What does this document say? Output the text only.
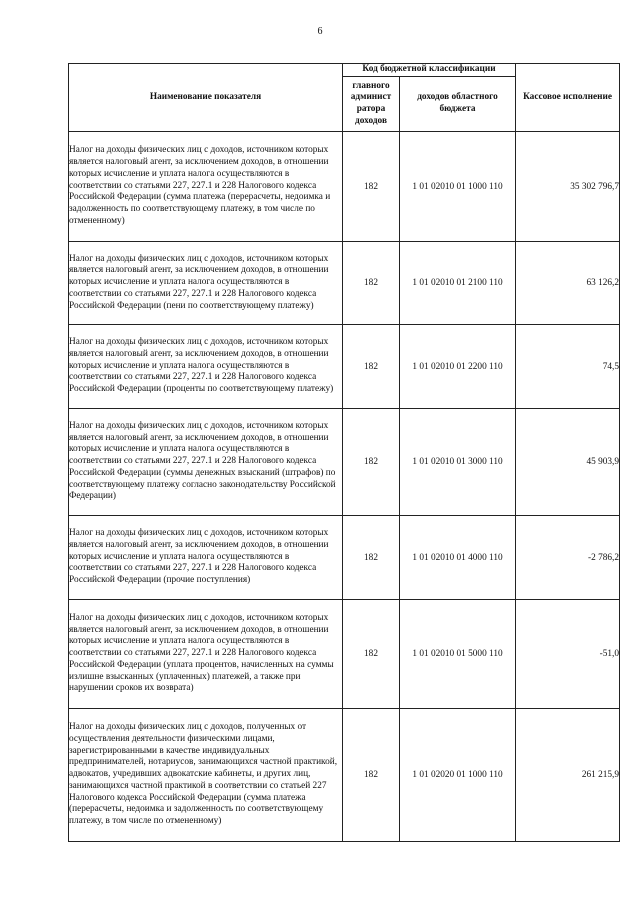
6
Наименование показателя	Код бюджетной классификации		Кассовое исполнение
	главного админист ратора доходов	доходов областного бюджета	
Налог на доходы физических лиц с доходов, источником которых является налоговый агент, за исключением доходов, в отношении которых исчисление и уплата налога осуществляются в соответствии со статьями 227, 227.1 и 228 Налогового кодекса Российской Федерации (сумма платежа (перерасчеты, недоимка и задолженность по соответствующему платежу, в том числе по отмененному)	182	1 01 02010 01 1000 110	35 302 796,7
Налог на доходы физических лиц с доходов, источником которых является налоговый агент, за исключением доходов, в отношении которых исчисление и уплата налога осуществляются в соответствии со статьями 227, 227.1 и 228 Налогового кодекса Российской Федерации (пени по соответствующему платежу)	182	1 01 02010 01 2100 110	63 126,2
Налог на доходы физических лиц с доходов, источником которых является налоговый агент, за исключением доходов, в отношении которых исчисление и уплата налога осуществляются в соответствии со статьями 227, 227.1 и 228 Налогового кодекса Российской Федерации (проценты по соответствующему платежу)	182	1 01 02010 01 2200 110	74,5
Налог на доходы физических лиц с доходов, источником которых является налоговый агент, за исключением доходов, в отношении которых исчисление и уплата налога осуществляются в соответствии со статьями 227, 227.1 и 228 Налогового кодекса Российской Федерации (суммы денежных взысканий (штрафов) по соответствующему платежу согласно законодательству Российской Федерации)	182	1 01 02010 01 3000 110	45 903,9
Налог на доходы физических лиц с доходов, источником которых является налоговый агент, за исключением доходов, в отношении которых исчисление и уплата налога осуществляются в соответствии со статьями 227, 227.1 и 228 Налогового кодекса Российской Федерации (прочие поступления)	182	1 01 02010 01 4000 110	-2 786,2
Налог на доходы физических лиц с доходов, источником которых является налоговый агент, за исключением доходов, в отношении которых исчисление и уплата налога осуществляются в соответствии со статьями 227, 227.1 и 228 Налогового кодекса Российской Федерации (уплата процентов, начисленных на суммы излишне взысканных (уплаченных) платежей, а также при нарушении сроков их возврата)	182	1 01 02010 01 5000 110	-51,0
Налог на доходы физических лиц с доходов, полученных от осуществления деятельности физическими лицами, зарегистрированными в качестве индивидуальных предпринимателей, нотариусов, занимающихся частной практикой, адвокатов, учредивших адвокатские кабинеты, и других лиц, занимающихся частной практикой в соответствии со статьей 227 Налогового кодекса Российской Федерации (сумма платежа (перерасчеты, недоимка и задолженность по соответствующему платежу, в том числе по отмененному)	182	1 01 02020 01 1000 110	261 215,9
